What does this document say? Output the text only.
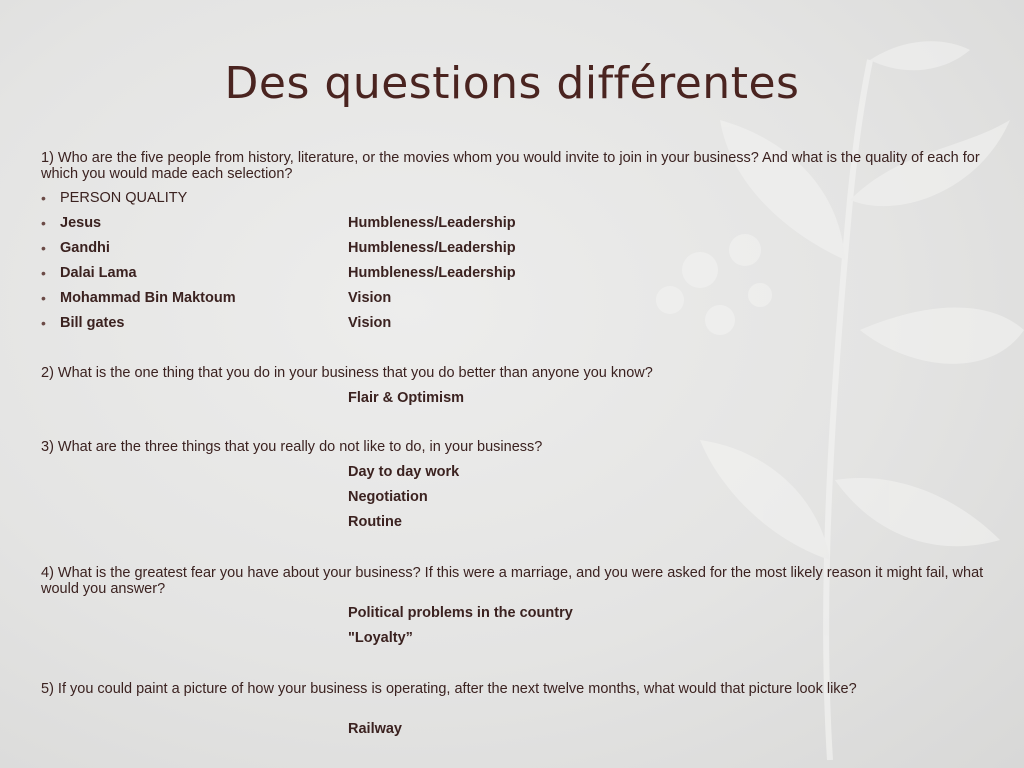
Des questions différentes
1) Who are the five people from history, literature, or the movies whom you would invite to join in your business? And what is the quality of each for which you would made each selection?
• PERSON QUALITY
• Jesus	Humbleness/Leadership
• Gandhi	Humbleness/Leadership
• Dalai Lama	Humbleness/Leadership
• Mohammad Bin Maktoum	Vision
• Bill gates	Vision
2) What is the one thing that you do in your business that you do better than anyone you know?
Flair & Optimism
3) What are the three things that you really do not like to do, in your business?
Day to day work
Negotiation
Routine
4) What is the greatest fear you have about your business? If this were a marriage, and you were asked for the most likely reason it might fail, what would you answer?
Political problems in the country
"Loyalty”
5) If you could paint a picture of how your business is operating, after the next twelve months, what would that picture look like?
Railway
